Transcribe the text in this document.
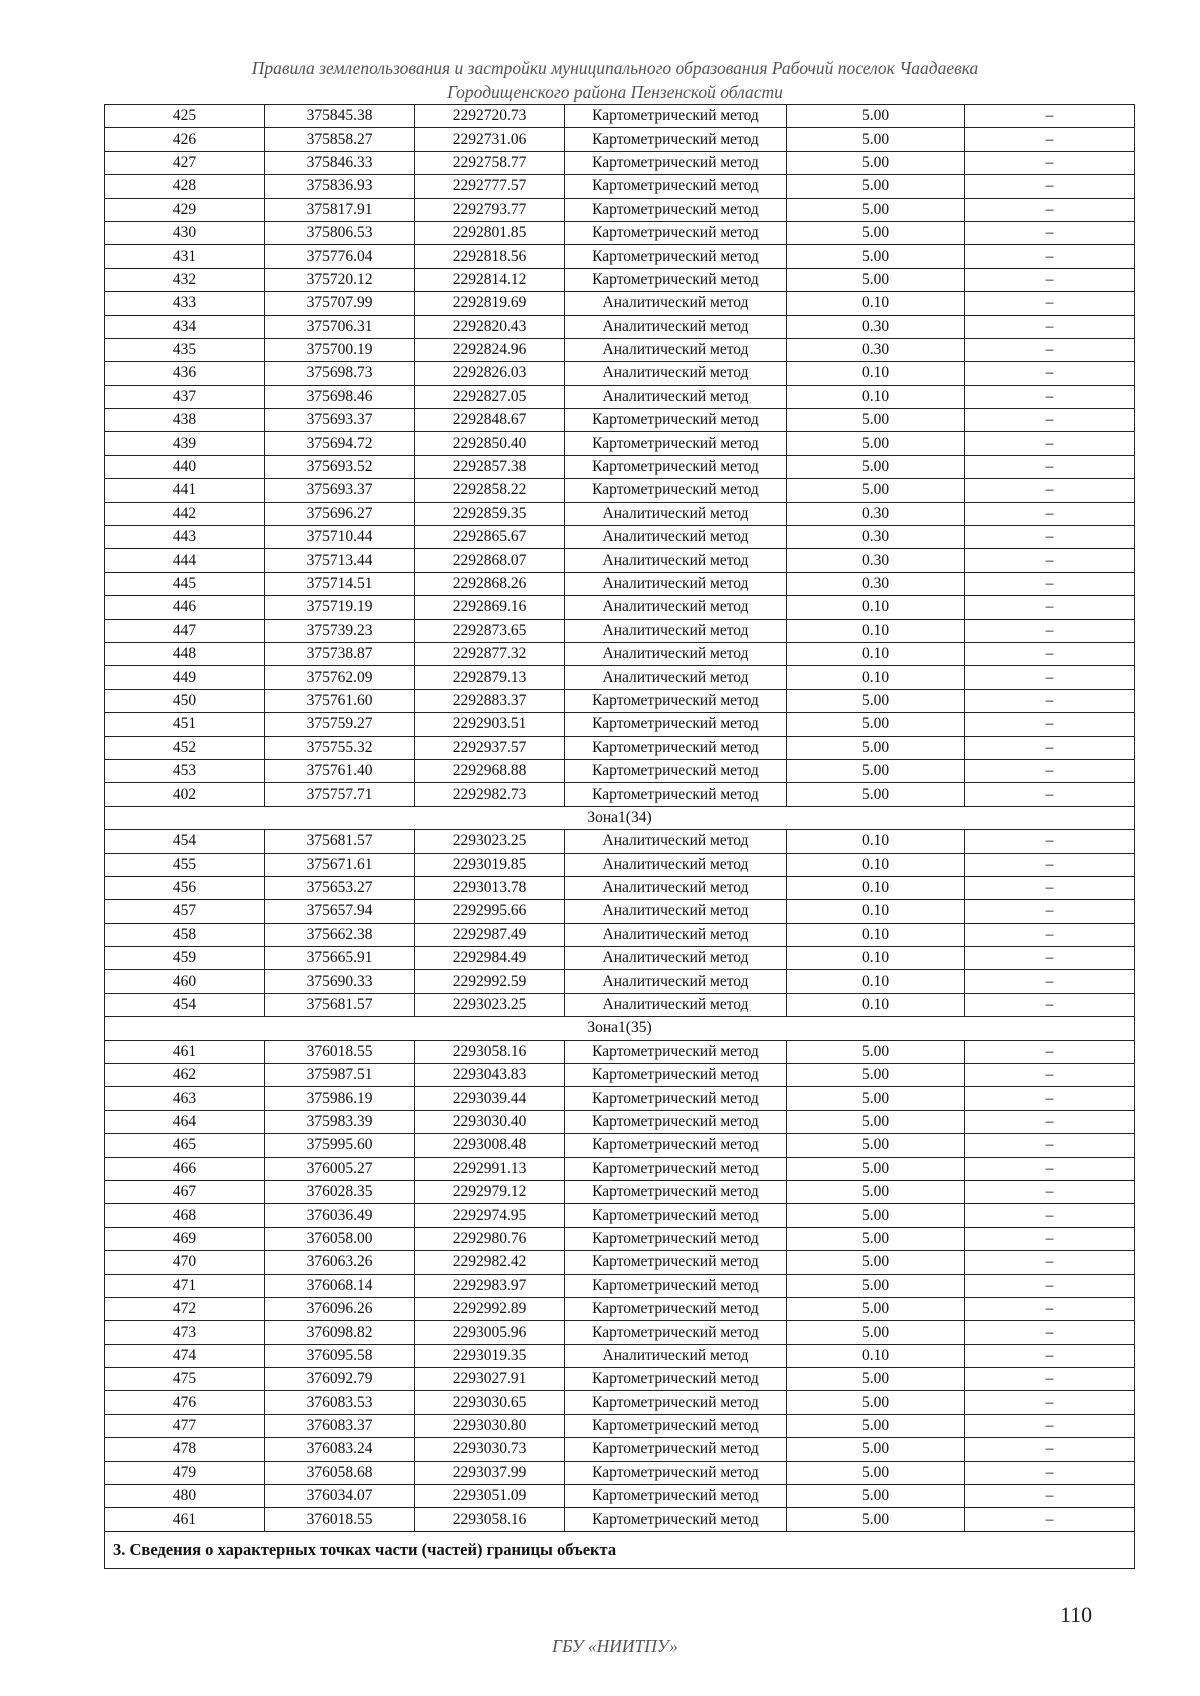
Правила землепользования и застройки муниципального образования Рабочий поселок Чаадаевка
Городищенского района Пензенской области
425	375845.38	2292720.73	Картометрический метод	5.00	–
426	375858.27	2292731.06	Картометрический метод	5.00	–
427	375846.33	2292758.77	Картометрический метод	5.00	–
428	375836.93	2292777.57	Картометрический метод	5.00	–
429	375817.91	2292793.77	Картометрический метод	5.00	–
430	375806.53	2292801.85	Картометрический метод	5.00	–
431	375776.04	2292818.56	Картометрический метод	5.00	–
432	375720.12	2292814.12	Картометрический метод	5.00	–
433	375707.99	2292819.69	Аналитический метод	0.10	–
434	375706.31	2292820.43	Аналитический метод	0.30	–
435	375700.19	2292824.96	Аналитический метод	0.30	–
436	375698.73	2292826.03	Аналитический метод	0.10	–
437	375698.46	2292827.05	Аналитический метод	0.10	–
438	375693.37	2292848.67	Картометрический метод	5.00	–
439	375694.72	2292850.40	Картометрический метод	5.00	–
440	375693.52	2292857.38	Картометрический метод	5.00	–
441	375693.37	2292858.22	Картометрический метод	5.00	–
442	375696.27	2292859.35	Аналитический метод	0.30	–
443	375710.44	2292865.67	Аналитический метод	0.30	–
444	375713.44	2292868.07	Аналитический метод	0.30	–
445	375714.51	2292868.26	Аналитический метод	0.30	–
446	375719.19	2292869.16	Аналитический метод	0.10	–
447	375739.23	2292873.65	Аналитический метод	0.10	–
448	375738.87	2292877.32	Аналитический метод	0.10	–
449	375762.09	2292879.13	Аналитический метод	0.10	–
450	375761.60	2292883.37	Картометрический метод	5.00	–
451	375759.27	2292903.51	Картометрический метод	5.00	–
452	375755.32	2292937.57	Картометрический метод	5.00	–
453	375761.40	2292968.88	Картометрический метод	5.00	–
402	375757.71	2292982.73	Картометрический метод	5.00	–
Зона1(34)					
454	375681.57	2293023.25	Аналитический метод	0.10	–
455	375671.61	2293019.85	Аналитический метод	0.10	–
456	375653.27	2293013.78	Аналитический метод	0.10	–
457	375657.94	2292995.66	Аналитический метод	0.10	–
458	375662.38	2292987.49	Аналитический метод	0.10	–
459	375665.91	2292984.49	Аналитический метод	0.10	–
460	375690.33	2292992.59	Аналитический метод	0.10	–
454	375681.57	2293023.25	Аналитический метод	0.10	–
Зона1(35)					
461	376018.55	2293058.16	Картометрический метод	5.00	–
462	375987.51	2293043.83	Картометрический метод	5.00	–
463	375986.19	2293039.44	Картометрический метод	5.00	–
464	375983.39	2293030.40	Картометрический метод	5.00	–
465	375995.60	2293008.48	Картометрический метод	5.00	–
466	376005.27	2292991.13	Картометрический метод	5.00	–
467	376028.35	2292979.12	Картометрический метод	5.00	–
468	376036.49	2292974.95	Картометрический метод	5.00	–
469	376058.00	2292980.76	Картометрический метод	5.00	–
470	376063.26	2292982.42	Картометрический метод	5.00	–
471	376068.14	2292983.97	Картометрический метод	5.00	–
472	376096.26	2292992.89	Картометрический метод	5.00	–
473	376098.82	2293005.96	Картометрический метод	5.00	–
474	376095.58	2293019.35	Аналитический метод	0.10	–
475	376092.79	2293027.91	Картометрический метод	5.00	–
476	376083.53	2293030.65	Картометрический метод	5.00	–
477	376083.37	2293030.80	Картометрический метод	5.00	–
478	376083.24	2293030.73	Картометрический метод	5.00	–
479	376058.68	2293037.99	Картометрический метод	5.00	–
480	376034.07	2293051.09	Картометрический метод	5.00	–
461	376018.55	2293058.16	Картометрический метод	5.00	–
3. Сведения о характерных точках части (частей) границы объекта					
110
ГБУ «НИИТПУ»
